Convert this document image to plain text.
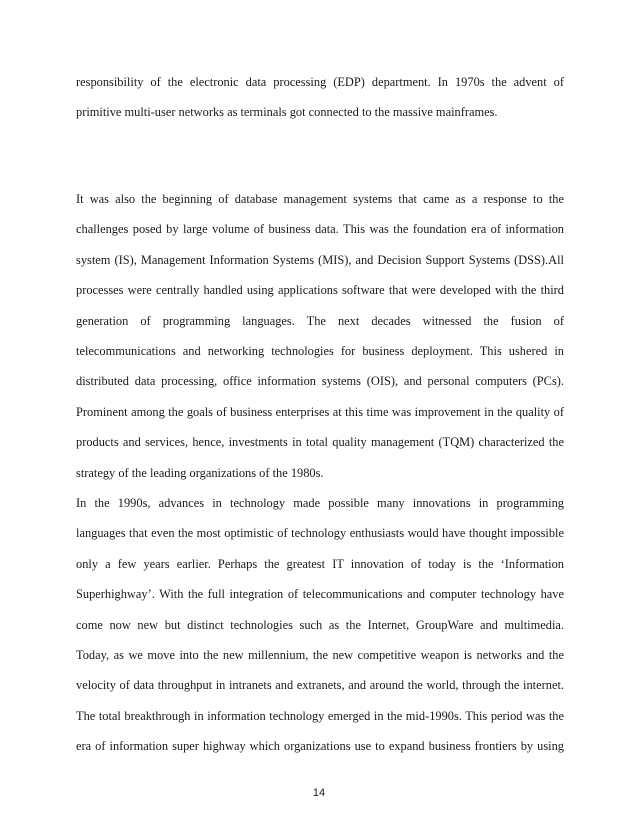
responsibility of the electronic data processing (EDP) department. In 1970s the advent of
primitive multi-user networks as terminals got connected to the massive mainframes.

It was also the beginning of database management systems that came as a response to the
challenges posed by large volume of business data. This was the foundation era of information
system (IS), Management Information Systems (MIS), and Decision Support Systems (DSS).All
processes were centrally handled using applications software that were developed with the third
generation of programming languages. The next decades witnessed the fusion of
telecommunications and networking technologies for business deployment. This ushered in
distributed data processing, office information systems (OIS), and personal computers (PCs).
Prominent among the goals of business enterprises at this time was improvement in the quality of
products and services, hence, investments in total quality management (TQM) characterized the
strategy of the leading organizations of the 1980s.

In the 1990s, advances in technology made possible many innovations in programming
languages that even the most optimistic of technology enthusiasts would have thought impossible
only a few years earlier. Perhaps the greatest IT innovation of today is the ‘Information
Superhighway’. With the full integration of telecommunications and computer technology have
come now new but distinct technologies such as the Internet, GroupWare and multimedia.
Today, as we move into the new millennium, the new competitive weapon is networks and the
velocity of data throughput in intranets and extranets, and around the world, through the internet.
The total breakthrough in information technology emerged in the mid-1990s. This period was the
era of information super highway which organizations use to expand business frontiers by using

14
